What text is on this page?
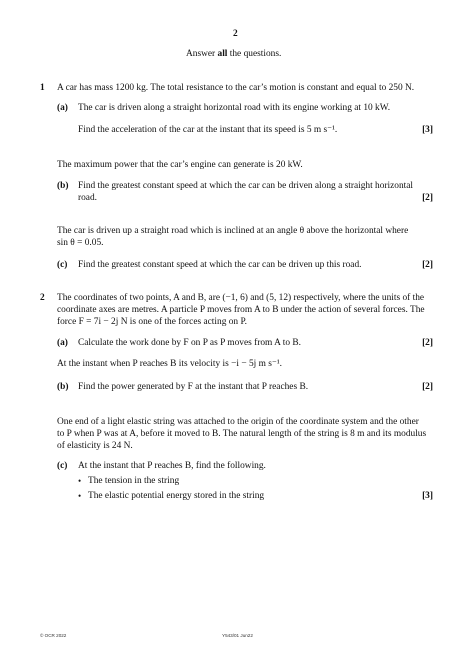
2
Answer all the questions.
1 A car has mass 1200 kg. The total resistance to the car’s motion is constant and equal to 250 N.
(a) The car is driven along a straight horizontal road with its engine working at 10 kW.
Find the acceleration of the car at the instant that its speed is 5 m s⁻¹.	[3]
The maximum power that the car’s engine can generate is 20 kW.
(b) Find the greatest constant speed at which the car can be driven along a straight horizontal
road.	[2]
The car is driven up a straight road which is inclined at an angle θ above the horizontal where
sin θ = 0.05.
(c) Find the greatest constant speed at which the car can be driven up this road.	[2]
2 The coordinates of two points, A and B, are (−1, 6) and (5, 12) respectively, where the units of the
coordinate axes are metres. A particle P moves from A to B under the action of several forces. The
force F = 7i − 2j N is one of the forces acting on P.
(a) Calculate the work done by F on P as P moves from A to B.	[2]
At the instant when P reaches B its velocity is −i − 5j m s⁻¹.
(b) Find the power generated by F at the instant that P reaches B.	[2]
One end of a light elastic string was attached to the origin of the coordinate system and the other
to P when P was at A, before it moved to B. The natural length of the string is 8 m and its modulus
of elasticity is 24 N.
(c) At the instant that P reaches B, find the following.
• The tension in the string
• The elastic potential energy stored in the string	[3]
© OCR 2022	Y543/01 Jun22
